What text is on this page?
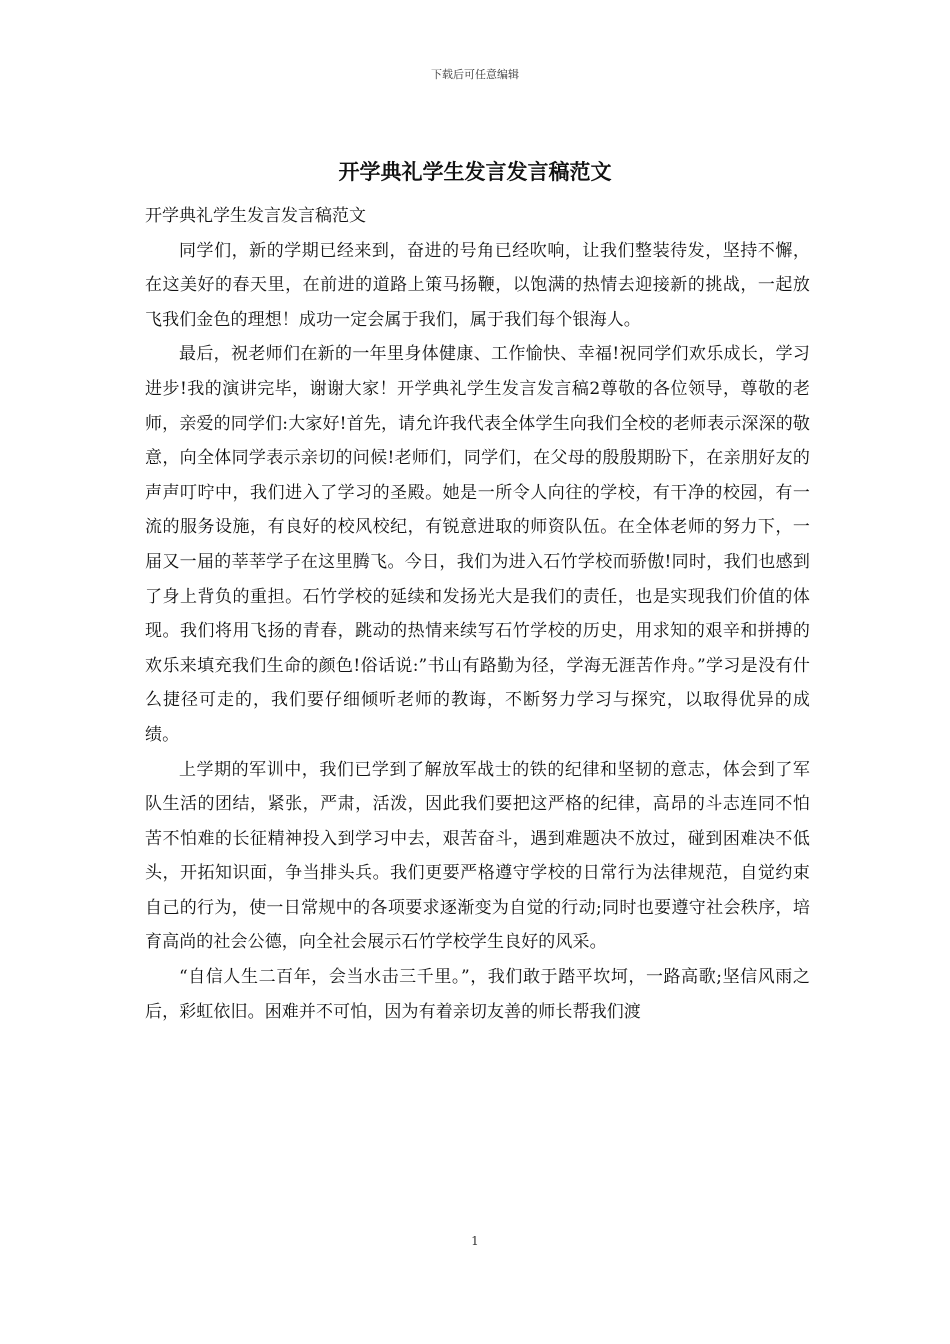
下载后可任意编辑
开学典礼学生发言发言稿范文

开学典礼学生发言发言稿范文

同学们，新的学期已经来到，奋进的号角已经吹响，让我们整装待发，坚持不懈，在这美好的春天里，在前进的道路上策马扬鞭，以饱满的热情去迎接新的挑战，一起放飞我们金色的理想！成功一定会属于我们，属于我们每个银海人。

最后，祝老师们在新的一年里身体健康、工作愉快、幸福!祝同学们欢乐成长，学习进步!我的演讲完毕，谢谢大家！开学典礼学生发言发言稿2尊敬的各位领导，尊敬的老师，亲爱的同学们:大家好!首先，请允许我代表全体学生向我们全校的老师表示深深的敬意，向全体同学表示亲切的问候!老师们，同学们，在父母的殷殷期盼下，在亲朋好友的声声叮咛中，我们进入了学习的圣殿。她是一所令人向往的学校，有干净的校园，有一流的服务设施，有良好的校风校纪，有锐意进取的师资队伍。在全体老师的努力下，一届又一届的莘莘学子在这里腾飞。今日，我们为进入石竹学校而骄傲!同时，我们也感到了身上背负的重担。石竹学校的延续和发扬光大是我们的责任，也是实现我们价值的体现。我们将用飞扬的青春，跳动的热情来续写石竹学校的历史，用求知的艰辛和拼搏的欢乐来填充我们生命的颜色!俗话说:”书山有路勤为径，学海无涯苦作舟。”学习是没有什么捷径可走的，我们要仔细倾听老师的教诲，不断努力学习与探究，以取得优异的成绩。

上学期的军训中，我们已学到了解放军战士的铁的纪律和坚韧的意志，体会到了军队生活的团结，紧张，严肃，活泼，因此我们要把这严格的纪律，高昂的斗志连同不怕苦不怕难的长征精神投入到学习中去，艰苦奋斗，遇到难题决不放过，碰到困难决不低头，开拓知识面，争当排头兵。我们更要严格遵守学校的日常行为法律规范，自觉约束自己的行为，使一日常规中的各项要求逐渐变为自觉的行动;同时也要遵守社会秩序，培育高尚的社会公德，向全社会展示石竹学校学生良好的风采。

“自信人生二百年，会当水击三千里。”，我们敢于踏平坎坷，一路高歌;坚信风雨之后，彩虹依旧。困难并不可怕，因为有着亲切友善的师长帮我们渡

1
